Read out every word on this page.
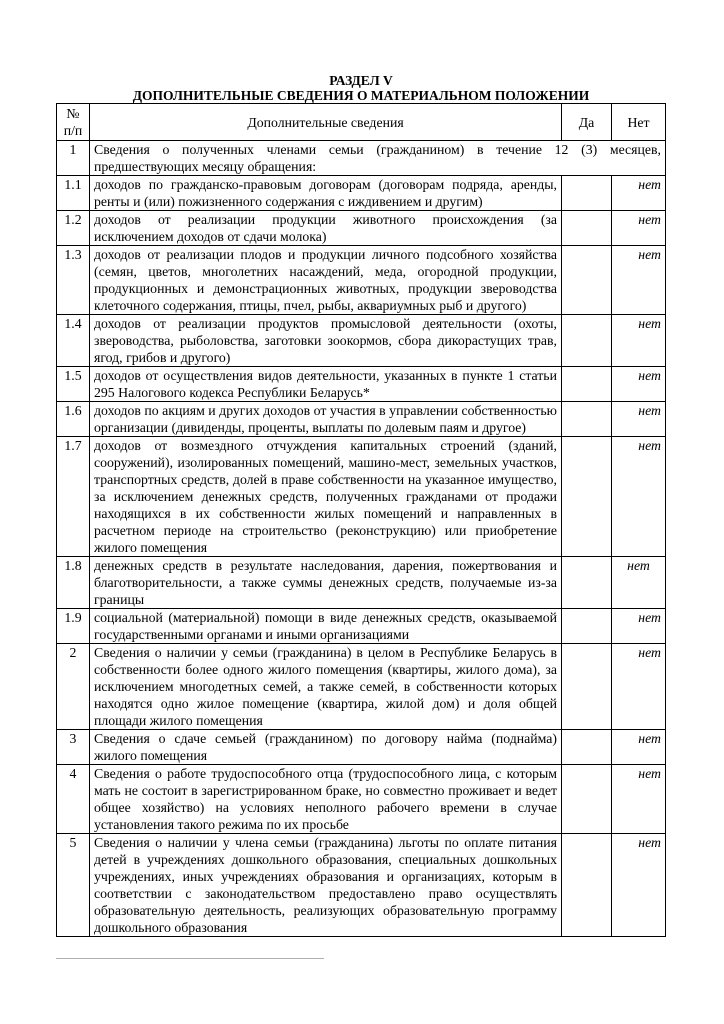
РАЗДЕЛ V
ДОПОЛНИТЕЛЬНЫЕ СВЕДЕНИЯ О МАТЕРИАЛЬНОМ ПОЛОЖЕНИИ
№ п/п	Дополнительные сведения	Да	Нет
1	Сведения о полученных членами семьи (гражданином) в течение 12 (3) месяцев, предшествующих месяцу обращения:		
1.1	доходов по гражданско-правовым договорам (договорам подряда, аренды, ренты и (или) пожизненного содержания с иждивением и другим)		нет
1.2	доходов от реализации продукции животного происхождения (за исключением доходов от сдачи молока)		нет
1.3	доходов от реализации плодов и продукции личного подсобного хозяйства (семян, цветов, многолетних насаждений, меда, огородной продукции, продукционных и демонстрационных животных, продукции звероводства клеточного содержания, птицы, пчел, рыбы, аквариумных рыб и другого)		нет
1.4	доходов от реализации продуктов промысловой деятельности (охоты, звероводства, рыболовства, заготовки зоокормов, сбора дикорастущих трав, ягод, грибов и другого)		нет
1.5	доходов от осуществления видов деятельности, указанных в пункте 1 статьи 295 Налогового кодекса Республики Беларусь*		нет
1.6	доходов по акциям и других доходов от участия в управлении собственностью организации (дивиденды, проценты, выплаты по долевым паям и другое)		нет
1.7	доходов от возмездного отчуждения капитальных строений (зданий, сооружений), изолированных помещений, машино-мест, земельных участков, транспортных средств, долей в праве собственности на указанное имущество, за исключением денежных средств, полученных гражданами от продажи находящихся в их собственности жилых помещений и направленных в расчетном периоде на строительство (реконструкцию) или приобретение жилого помещения		нет
1.8	денежных средств в результате наследования, дарения, пожертвования и благотворительности, а также суммы денежных средств, получаемые из-за границы		нет
1.9	социальной (материальной) помощи в виде денежных средств, оказываемой государственными органами и иными организациями		нет
2	Сведения о наличии у семьи (гражданина) в целом в Республике Беларусь в собственности более одного жилого помещения (квартиры, жилого дома), за исключением многодетных семей, а также семей, в собственности которых находятся одно жилое помещение (квартира, жилой дом) и доля общей площади жилого помещения		нет
3	Сведения о сдаче семьей (гражданином) по договору найма (поднайма) жилого помещения		нет
4	Сведения о работе трудоспособного отца (трудоспособного лица, с которым мать не состоит в зарегистрированном браке, но совместно проживает и ведет общее хозяйство) на условиях неполного рабочего времени в случае установления такого режима по их просьбе		нет
5	Сведения о наличии у члена семьи (гражданина) льготы по оплате питания детей в учреждениях дошкольного образования, специальных дошкольных учреждениях, иных учреждениях образования и организациях, которым в соответствии с законодательством предоставлено право осуществлять образовательную деятельность, реализующих образовательную программу дошкольного образования		нет
